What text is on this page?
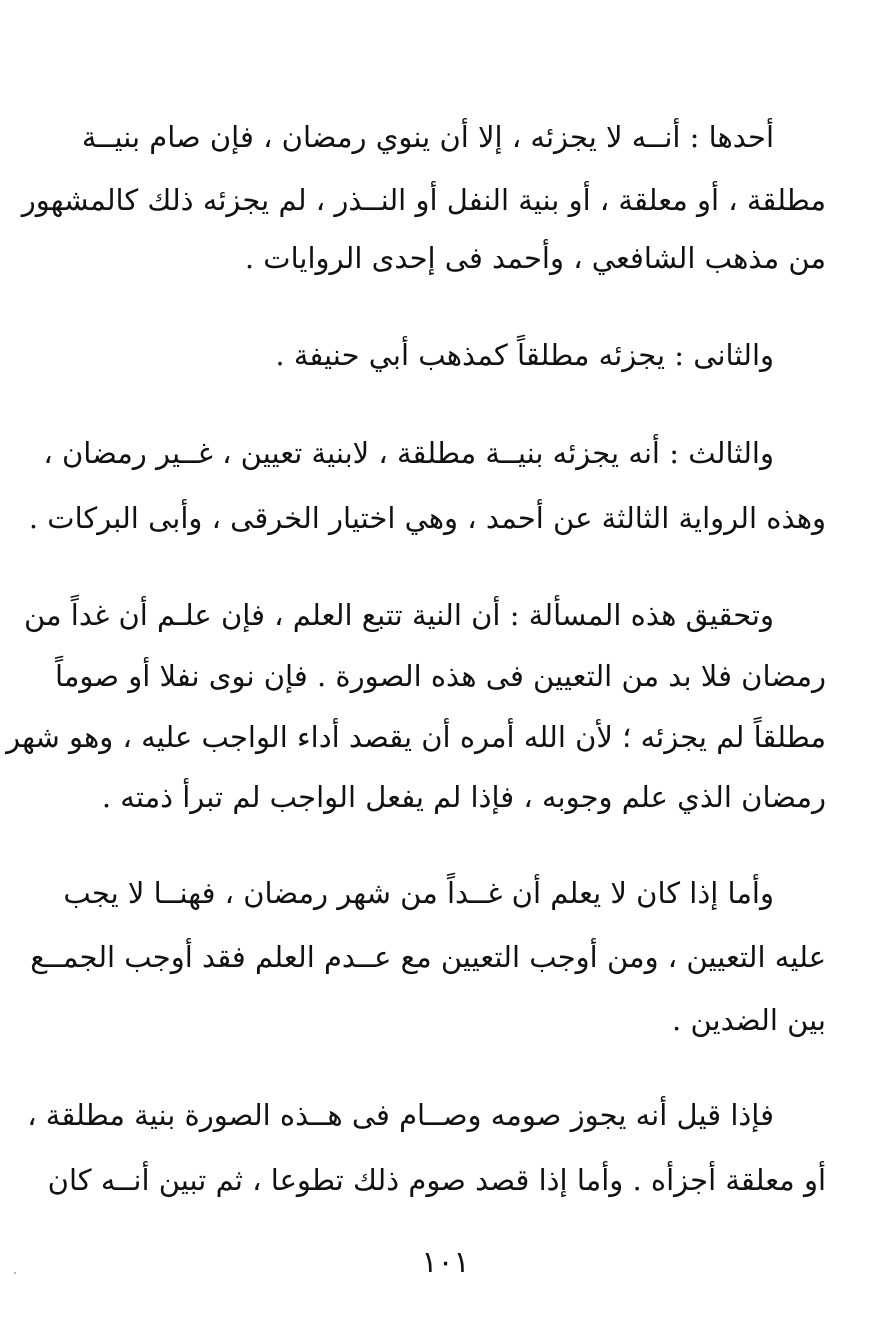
أحدها : أنــه لا يجزئه ، إلا أن ينوي رمضان ، فإن صام بنيــة
مطلقة ، أو معلقة ، أو بنية النفل أو النــذر ، لم يجزئه ذلك كالمشهور
من مذهب الشافعي ، وأحمد فى إحدى الروايات .
والثانى : يجزئه مطلقاً كمذهب أبي حنيفة .
والثالث : أنه يجزئه بنيــة مطلقة ، لابنية تعيين ، غــير رمضان ،
وهذه الرواية الثالثة عن أحمد ، وهي اختيار الخرقى ، وأبى البركات .
وتحقيق هذه المسألة : أن النية تتبع العلم ، فإن علـم أن غداً من
رمضان فلا بد من التعيين فى هذه الصورة . فإن نوى نفلا أو صوماً
مطلقاً لم يجزئه ؛ لأن الله أمره أن يقصد أداء الواجب عليه ، وهو شهر
رمضان الذي علم وجوبه ، فإذا لم يفعل الواجب لم تبرأ ذمته .
وأما إذا كان لا يعلم أن غــداً من شهر رمضان ، فهنــا لا يجب
عليه التعيين ، ومن أوجب التعيين مع عــدم العلم فقد أوجب الجمــع
بين الضدين .
فإذا قيل أنه يجوز صومه وصــام فى هــذه الصورة بنية مطلقة ،
أو معلقة أجزأه . وأما إذا قصد صوم ذلك تطوعا ، ثم تبين أنــه كان
١٠١
